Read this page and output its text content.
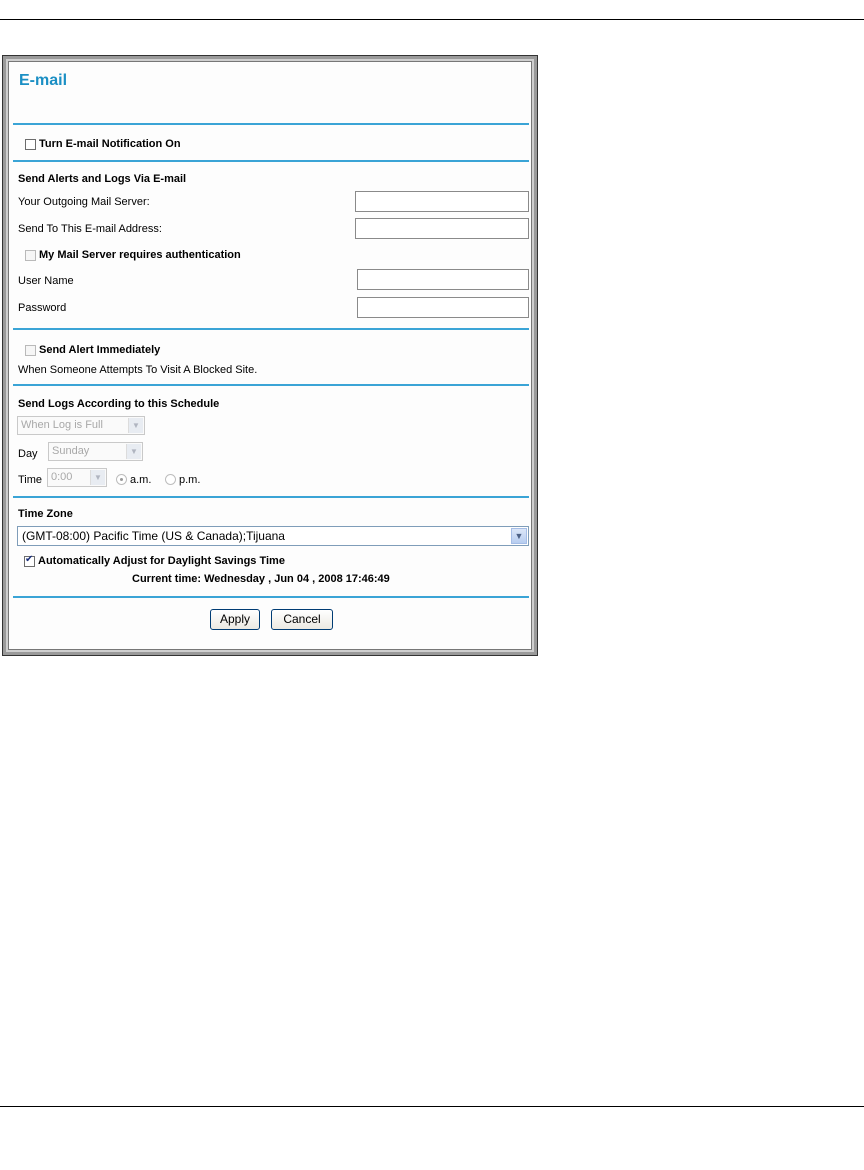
E-mail
Turn E-mail Notification On
Send Alerts and Logs Via E-mail
Your Outgoing Mail Server:
Send To This E-mail Address:
My Mail Server requires authentication
User Name
Password
Send Alert Immediately
When Someone Attempts To Visit A Blocked Site.
Send Logs According to this Schedule
When Log is Full	▼
Day	Sunday	▼
Time 0:00	▼	a.m.	p.m.
Time Zone
(GMT-08:00) Pacific Time (US & Canada);Tijuana	▼
✔
Automatically Adjust for Daylight Savings Time
Current time: Wednesday , Jun 04 , 2008 17:46:49
Apply	Cancel
